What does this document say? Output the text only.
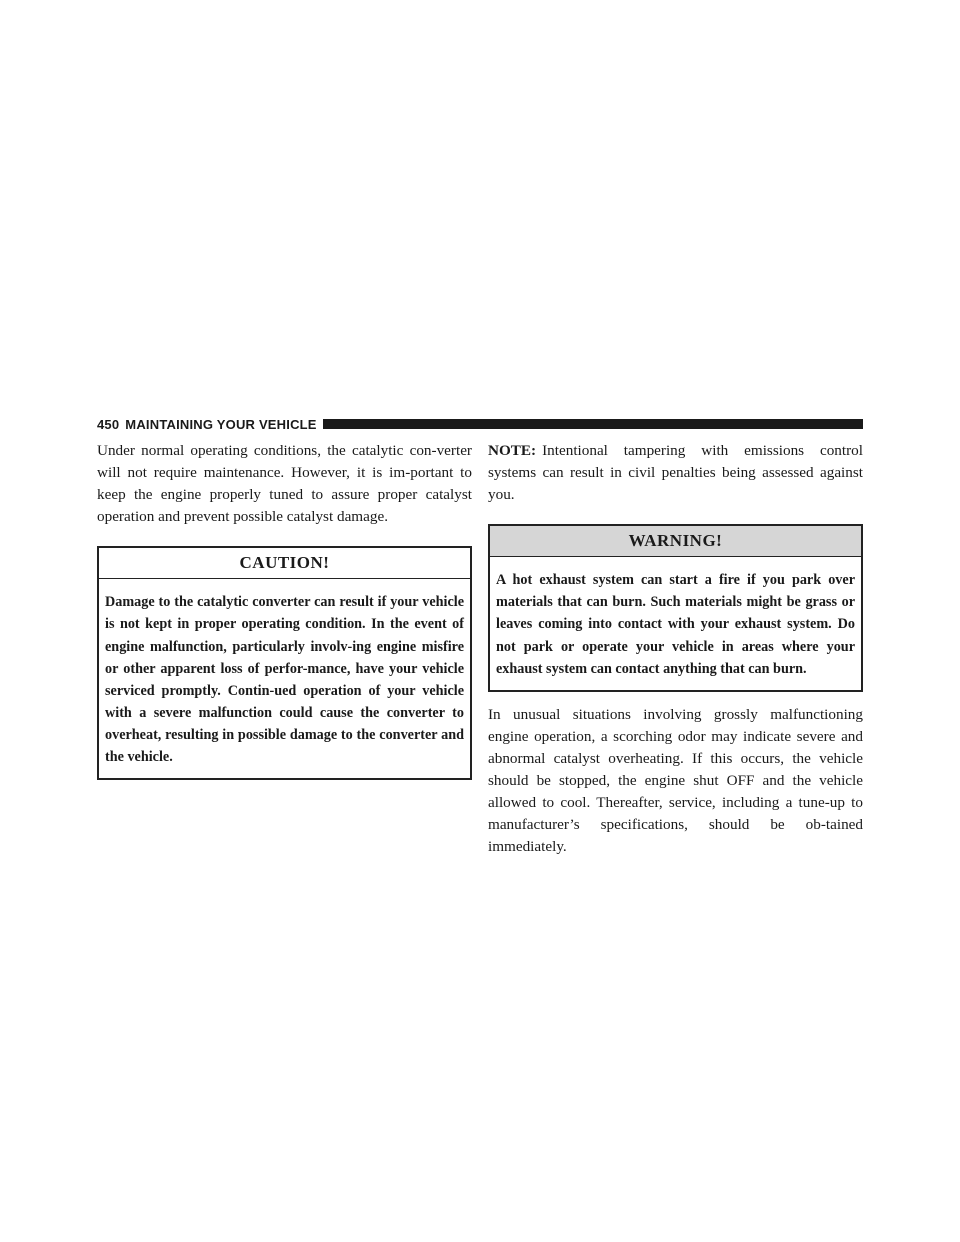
450 MAINTAINING YOUR VEHICLE

Under normal operating conditions, the catalytic con-verter will not require maintenance. However, it is im-portant to keep the engine properly tuned to assure proper catalyst operation and prevent possible catalyst damage.

CAUTION!
Damage to the catalytic converter can result if your vehicle is not kept in proper operating condition. In the event of engine malfunction, particularly involv-ing engine misfire or other apparent loss of perfor-mance, have your vehicle serviced promptly. Contin-ued operation of your vehicle with a severe malfunction could cause the converter to overheat, resulting in possible damage to the converter and the vehicle.

NOTE: Intentional tampering with emissions control systems can result in civil penalties being assessed against you.

WARNING!
A hot exhaust system can start a fire if you park over materials that can burn. Such materials might be grass or leaves coming into contact with your exhaust system. Do not park or operate your vehicle in areas where your exhaust system can contact anything that can burn.

In unusual situations involving grossly malfunctioning engine operation, a scorching odor may indicate severe and abnormal catalyst overheating. If this occurs, the vehicle should be stopped, the engine shut OFF and the vehicle allowed to cool. Thereafter, service, including a tune-up to manufacturer’s specifications, should be ob-tained immediately.
